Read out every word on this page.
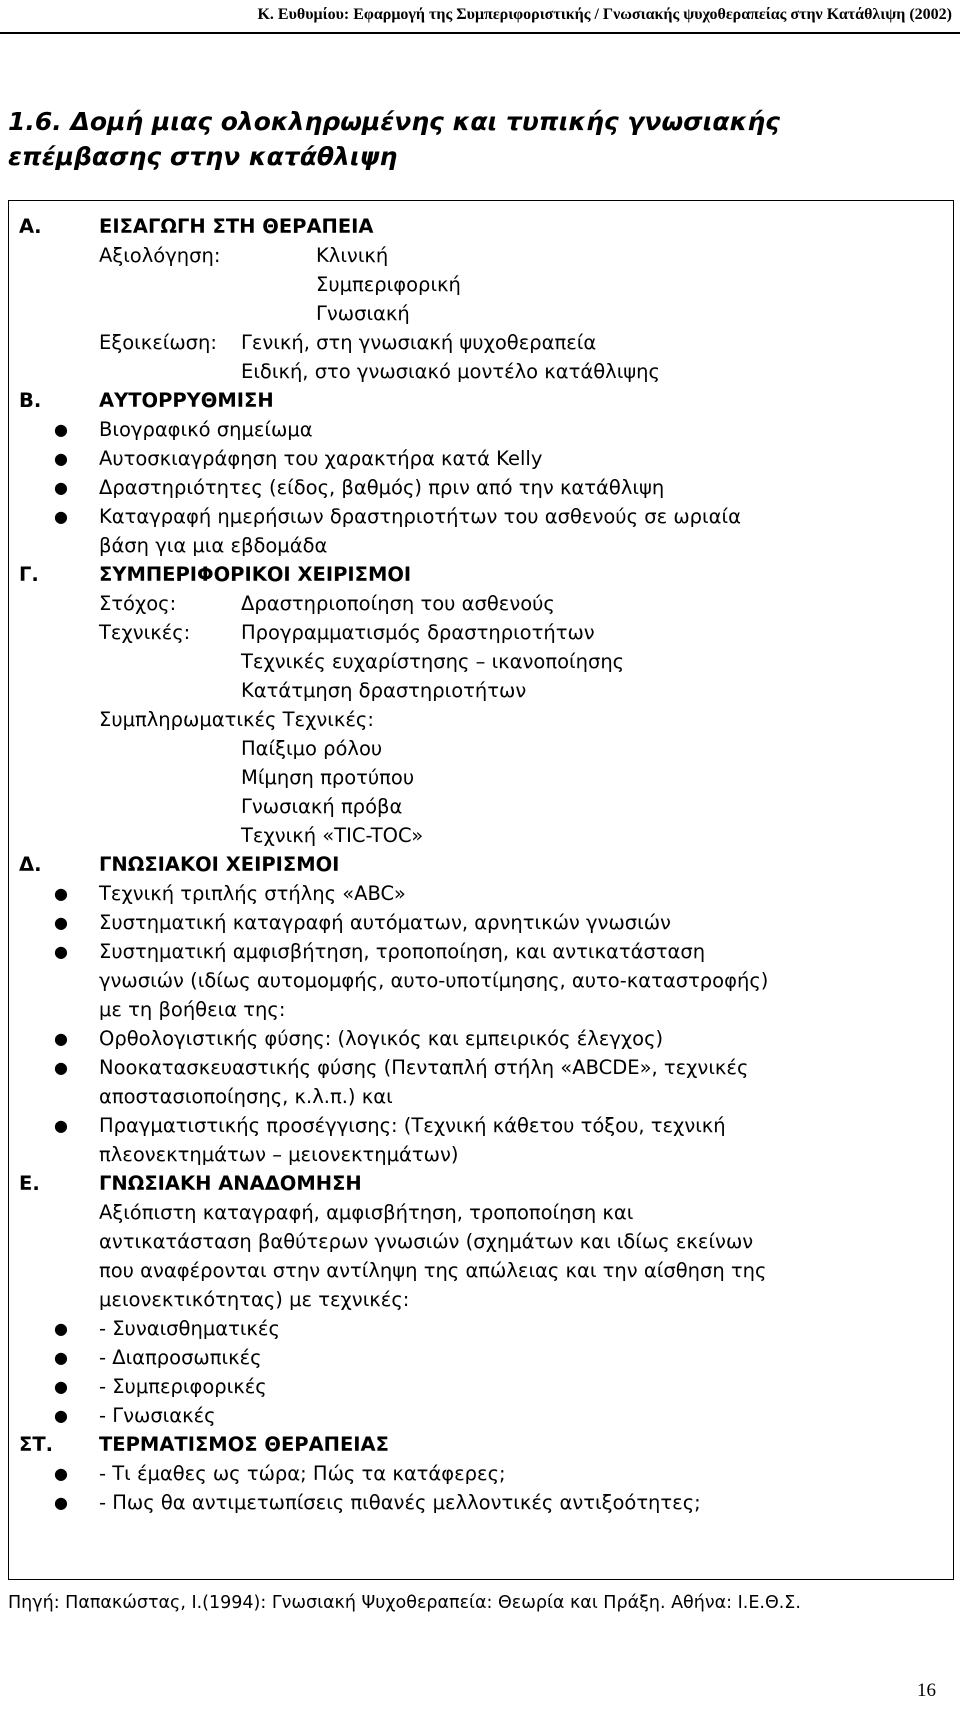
Κ. Ευθυμίου: Εφαρμογή της Συμπεριφοριστικής / Γνωσιακής ψυχοθεραπείας στην Κατάθλιψη (2002)
1.6. Δομή μιας ολοκληρωμένης και τυπικής γνωσιακής
επέμβασης στην κατάθλιψη
Α.	ΕΙΣΑΓΩΓΗ ΣΤΗ ΘΕΡΑΠΕΙΑ
Αξιολόγηση:	Κλινική
Συμπεριφορική
Γνωσιακή
Εξοικείωση: Γενική, στη γνωσιακή ψυχοθεραπεία
Ειδική, στο γνωσιακό μοντέλο κατάθλιψης
Β.	ΑΥΤΟΡΡΥΘΜΙΣΗ
● Βιογραφικό σημείωμα
● Αυτοσκιαγράφηση του χαρακτήρα κατά Kelly
● Δραστηριότητες (είδος, βαθμός) πριν από την κατάθλιψη
● Καταγραφή ημερήσιων δραστηριοτήτων του ασθενούς σε ωριαία
βάση για μια εβδομάδα
Γ.	ΣΥΜΠΕΡΙΦΟΡΙΚΟΙ ΧΕΙΡΙΣΜΟΙ
Στόχος:	Δραστηριοποίηση του ασθενούς
Τεχνικές:	Προγραμματισμός δραστηριοτήτων
Τεχνικές ευχαρίστησης – ικανοποίησης
Κατάτμηση δραστηριοτήτων
Συμπληρωματικές Τεχνικές:
Παίξιμο ρόλου
Μίμηση προτύπου
Γνωσιακή πρόβα
Τεχνική «TIC-TOC»
Δ.	ΓΝΩΣΙΑΚΟΙ ΧΕΙΡΙΣΜΟΙ
● Τεχνική τριπλής στήλης «ABC»
● Συστηματική καταγραφή αυτόματων, αρνητικών γνωσιών
● Συστηματική αμφισβήτηση, τροποποίηση, και αντικατάσταση
γνωσιών (ιδίως αυτομομφής, αυτο-υποτίμησης, αυτο-καταστροφής)
με τη βοήθεια της:
● Ορθολογιστικής φύσης: (λογικός και εμπειρικός έλεγχος)
● Νοοκατασκευαστικής φύσης (Πενταπλή στήλη «ABCDE», τεχνικές
αποστασιοποίησης, κ.λ.π.) και
● Πραγματιστικής προσέγγισης: (Τεχνική κάθετου τόξου, τεχνική
πλεονεκτημάτων – μειονεκτημάτων)
Ε.	ΓΝΩΣΙΑΚΗ ΑΝΑΔΟΜΗΣΗ
Αξιόπιστη καταγραφή, αμφισβήτηση, τροποποίηση και
αντικατάσταση βαθύτερων γνωσιών (σχημάτων και ιδίως εκείνων
που αναφέρονται στην αντίληψη της απώλειας και την αίσθηση της
μειονεκτικότητας) με τεχνικές:
● - Συναισθηματικές
● - Διαπροσωπικές
● - Συμπεριφορικές
● - Γνωσιακές
ΣΤ. ΤΕΡΜΑΤΙΣΜΟΣ ΘΕΡΑΠΕΙΑΣ
● - Τι έμαθες ως τώρα; Πώς τα κατάφερες;
● - Πως θα αντιμετωπίσεις πιθανές μελλοντικές αντιξοότητες;
Πηγή: Παπακώστας, Ι.(1994): Γνωσιακή Ψυχοθεραπεία: Θεωρία και Πράξη. Αθήνα: Ι.Ε.Θ.Σ.
16
